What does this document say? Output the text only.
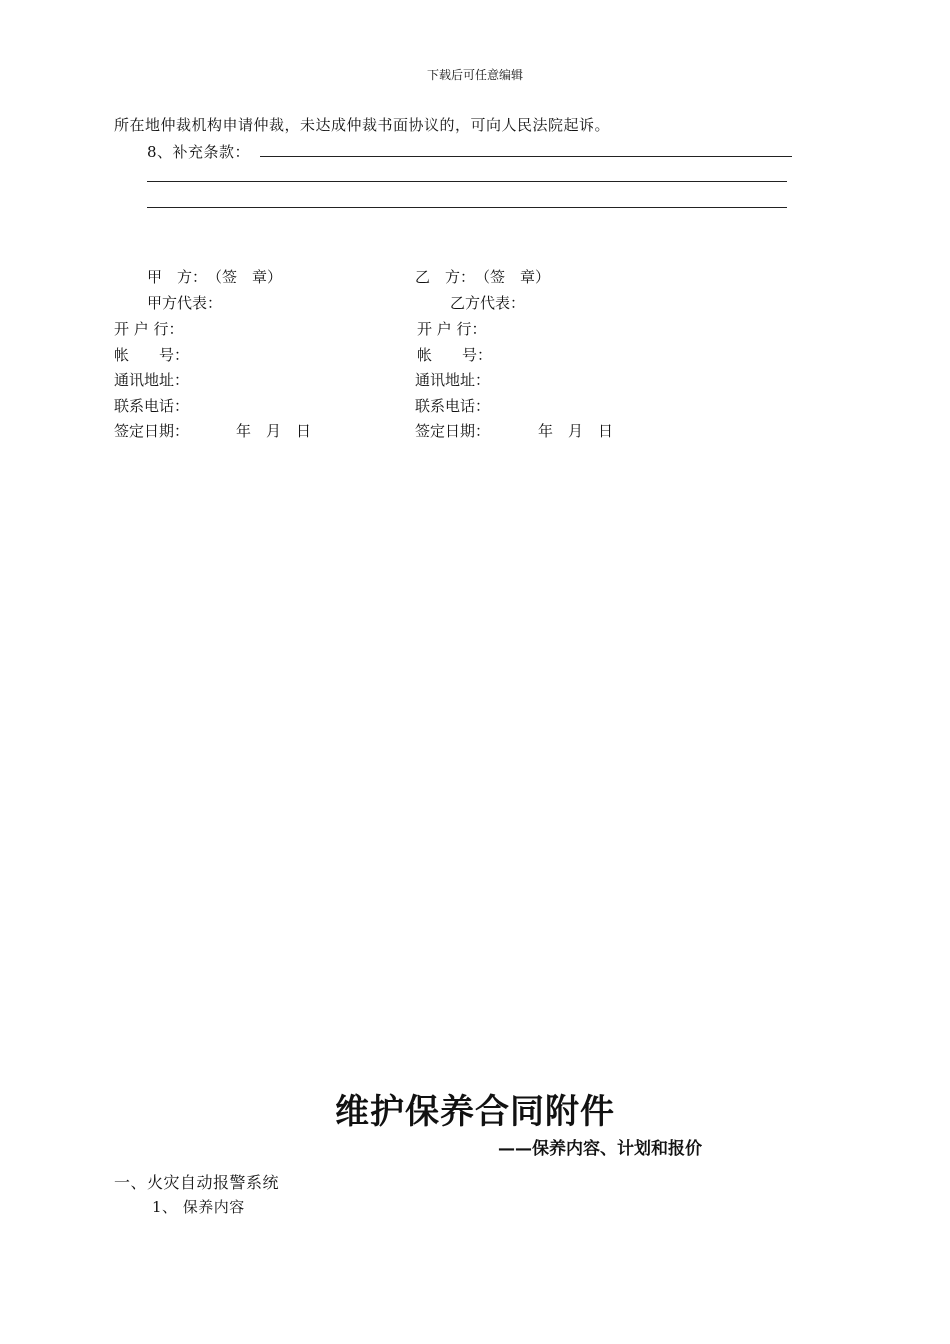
下载后可任意编辑
所在地仲裁机构申请仲裁，未达成仲裁书面协议的，可向人民法院起诉。
8、补充条款：
甲　方：　（签　章）
甲方代表：
开 户 行：
帐　　号：
通讯地址：
联系电话：
签定日期：	年　月　日
乙　方：　（签　章）
乙方代表：
开 户 行：
帐　　号：
通讯地址：
联系电话：
签定日期：	年　月　日
维护保养合同附件
——保养内容、计划和报价
一、火灾自动报警系统
1、 保养内容
